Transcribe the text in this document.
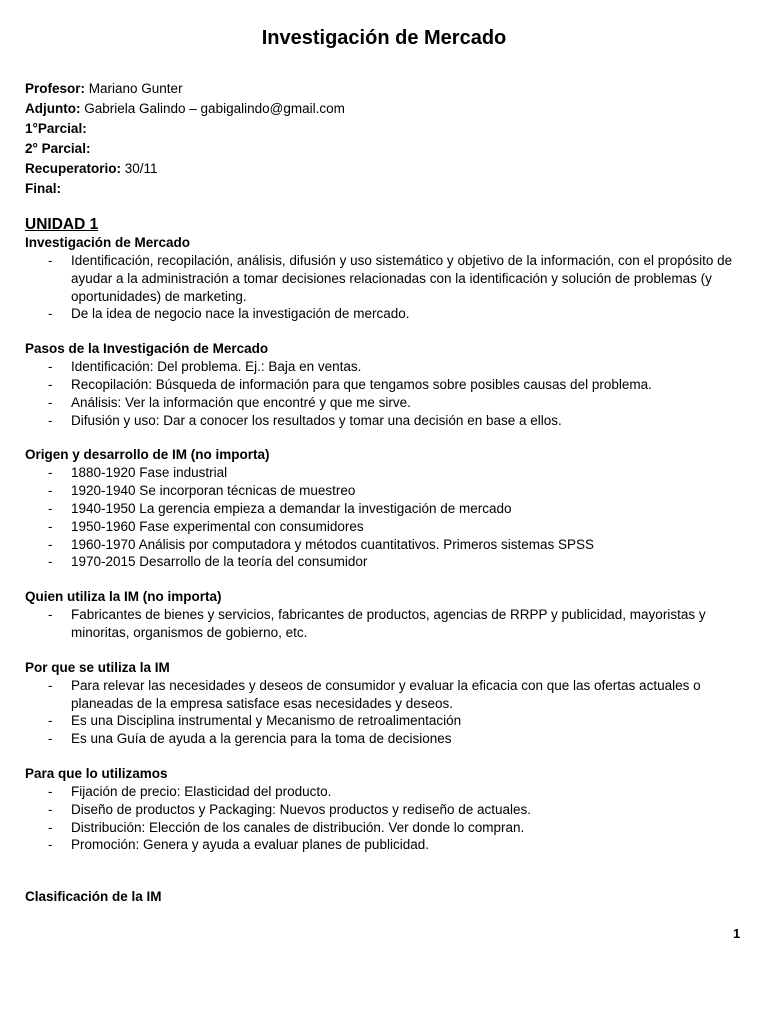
Investigación de Mercado
Profesor: Mariano Gunter
Adjunto: Gabriela Galindo – gabigalindo@gmail.com
1°Parcial:
2° Parcial:
Recuperatorio: 30/11
Final:
UNIDAD 1
Investigación de Mercado
- Identificación, recopilación, análisis, difusión y uso sistemático y objetivo de la información, con el propósito de ayudar a la administración a tomar decisiones relacionadas con la identificación y solución de problemas (y oportunidades) de marketing.
- De la idea de negocio nace la investigación de mercado.
Pasos de la Investigación de Mercado
- Identificación: Del problema. Ej.: Baja en ventas.
- Recopilación: Búsqueda de información para que tengamos sobre posibles causas del problema.
- Análisis: Ver la información que encontré y que me sirve.
- Difusión y uso: Dar a conocer los resultados y tomar una decisión en base a ellos.
Origen y desarrollo de IM (no importa)
- 1880-1920 Fase industrial
- 1920-1940 Se incorporan técnicas de muestreo
- 1940-1950 La gerencia empieza a demandar la investigación de mercado
- 1950-1960 Fase experimental con consumidores
- 1960-1970 Análisis por computadora y métodos cuantitativos. Primeros sistemas SPSS
- 1970-2015 Desarrollo de la teoría del consumidor
Quien utiliza la IM (no importa)
- Fabricantes de bienes y servicios, fabricantes de productos, agencias de RRPP y publicidad, mayoristas y minoritas, organismos de gobierno, etc.
Por que se utiliza la IM
- Para relevar las necesidades y deseos de consumidor y evaluar la eficacia con que las ofertas actuales o planeadas de la empresa satisface esas necesidades y deseos.
- Es una Disciplina instrumental y Mecanismo de retroalimentación
- Es una Guía de ayuda a la gerencia para la toma de decisiones
Para que lo utilizamos
- Fijación de precio: Elasticidad del producto.
- Diseño de productos y Packaging: Nuevos productos y rediseño de actuales.
- Distribución: Elección de los canales de distribución. Ver donde lo compran.
- Promoción: Genera y ayuda a evaluar planes de publicidad.
Clasificación de la IM
1
